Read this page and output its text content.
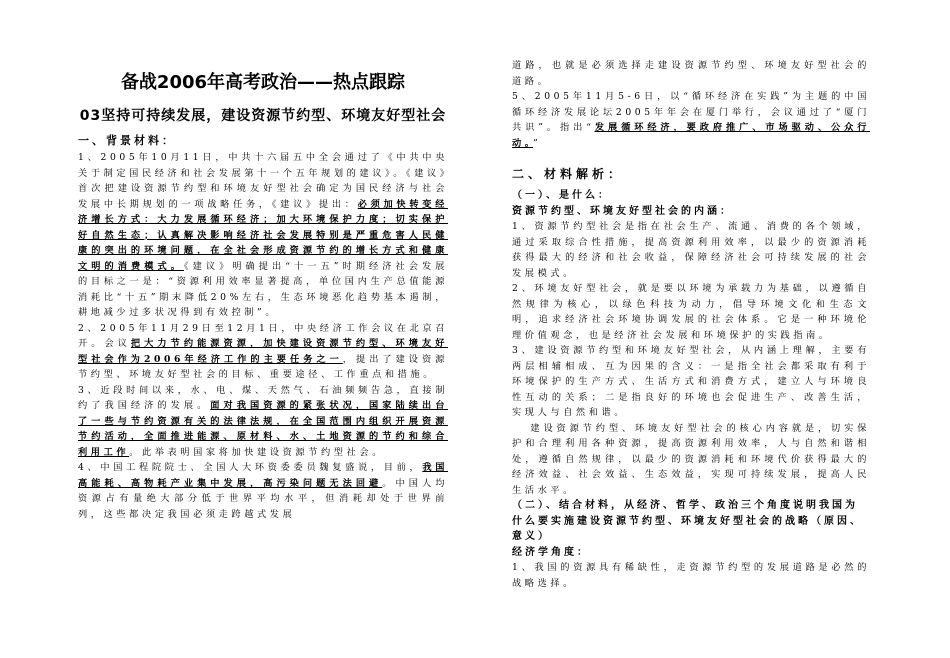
备战2006年高考政治——热点跟踪
03坚持可持续发展，建设资源节约型、环境友好型社会
一、背景材料：

1、2005年10月11日，中共十六届五中全会通过了《中共中央关于制定国民经济和社会发展第十一个五年规划的建议》。《建议》首次把建设资源节约型和环境友好型社会确定为国民经济与社会发展中长期规划的一项战略任务，《建议》提出：必须加快转变经济增长方式：大力发展循环经济；加大环境保护力度；切实保护好自然生态；认真解决影响经济社会发展特别是严重危害人民健康的突出的环境问题，在全社会形成资源节约的增长方式和健康文明的消费模式。《建议》明确提出“十一五”时期经济社会发展的目标之一是：“资源利用效率显著提高，单位国内生产总值能源消耗比“十五”期末降低20%左右，生态环境恶化趋势基本遏制，耕地减少过多状况得到有效控制”。

2、2005年11月29日至12月1日，中央经济工作会议在北京召开。会议把大力节约能源资源，加快建设资源节约型、环境友好型社会作为2006年经济工作的主要任务之一，提出了建设资源节约型、环境友好型社会的目标、重要途径、工作重点和措施。

3、近段时间以来，水、电、煤、天然气、石油频频告急，直接制约了我国经济的发展。面对我国资源的紧张状况，国家陆续出台了一些与节约资源有关的法律法规，在全国范围内组织开展资源节约活动，全面推进能源、原材料、水、土地资源的节约和综合利用工作。此举表明国家将加快建设资源节约型社会。

4、中国工程院院士、全国人大环资委委员魏复盛说，目前，我国高能耗、高物耗产业集中发展，高污染问题无法回避。中国人均资源占有量绝大部分低于世界平均水平，但消耗却处于世界前列，这些都决定我国必须走跨越式发展

道路，也就是必须选择走建设资源节约型、环境友好型社会的道路。

5、2005年11月5-6日，以“循环经济在实践”为主题的中国循环经济发展论坛2005年年会在厦门举行，会议通过了“厦门共识”。指出“发展循环经济，要政府推广、市场驱动、公众行动。”

二、材料解析：
（一）、是什么：
资源节约型、环境友好型社会的内涵：

1、资源节约型社会是指在社会生产、流通、消费的各个领域，通过采取综合性措施，提高资源利用效率，以最少的资源消耗获得最大的经济和社会收益，保障经济社会可持续发展的社会发展模式。

2、环境友好型社会，就是要以环境为承载力为基础，以遵循自然规律为核心，以绿色科技为动力，倡导环境文化和生态文明，追求经济社会环境协调发展的社会体系。它是一种环境伦理价值观念，也是经济社会发展和环境保护的实践指南。

3、建设资源节约型和环境友好型社会，从内涵上理解，主要有两层相辅相成、互为因果的含义：一是指全社会都采取有利于环境保护的生产方式、生活方式和消费方式，建立人与环境良性互动的关系；二是指良好的环境也会促进生产、改善生活，实现人与自然和谐。

建设资源节约型、环境友好型社会的核心内容就是，切实保护和合理利用各种资源，提高资源利用效率，人与自然和谐相处，遵循自然规律，以最少的资源消耗和环境代价获得最大的经济效益、社会效益、生态效益，实现可持续发展，提高人民生活水平。

（二）、结合材料，从经济、哲学、政治三个角度说明我国为什么要实施建设资源节约型、环境友好型社会的战略（原因、意义）
经济学角度：

1、我国的资源具有稀缺性，走资源节约型的发展道路是必然的战略选择。
